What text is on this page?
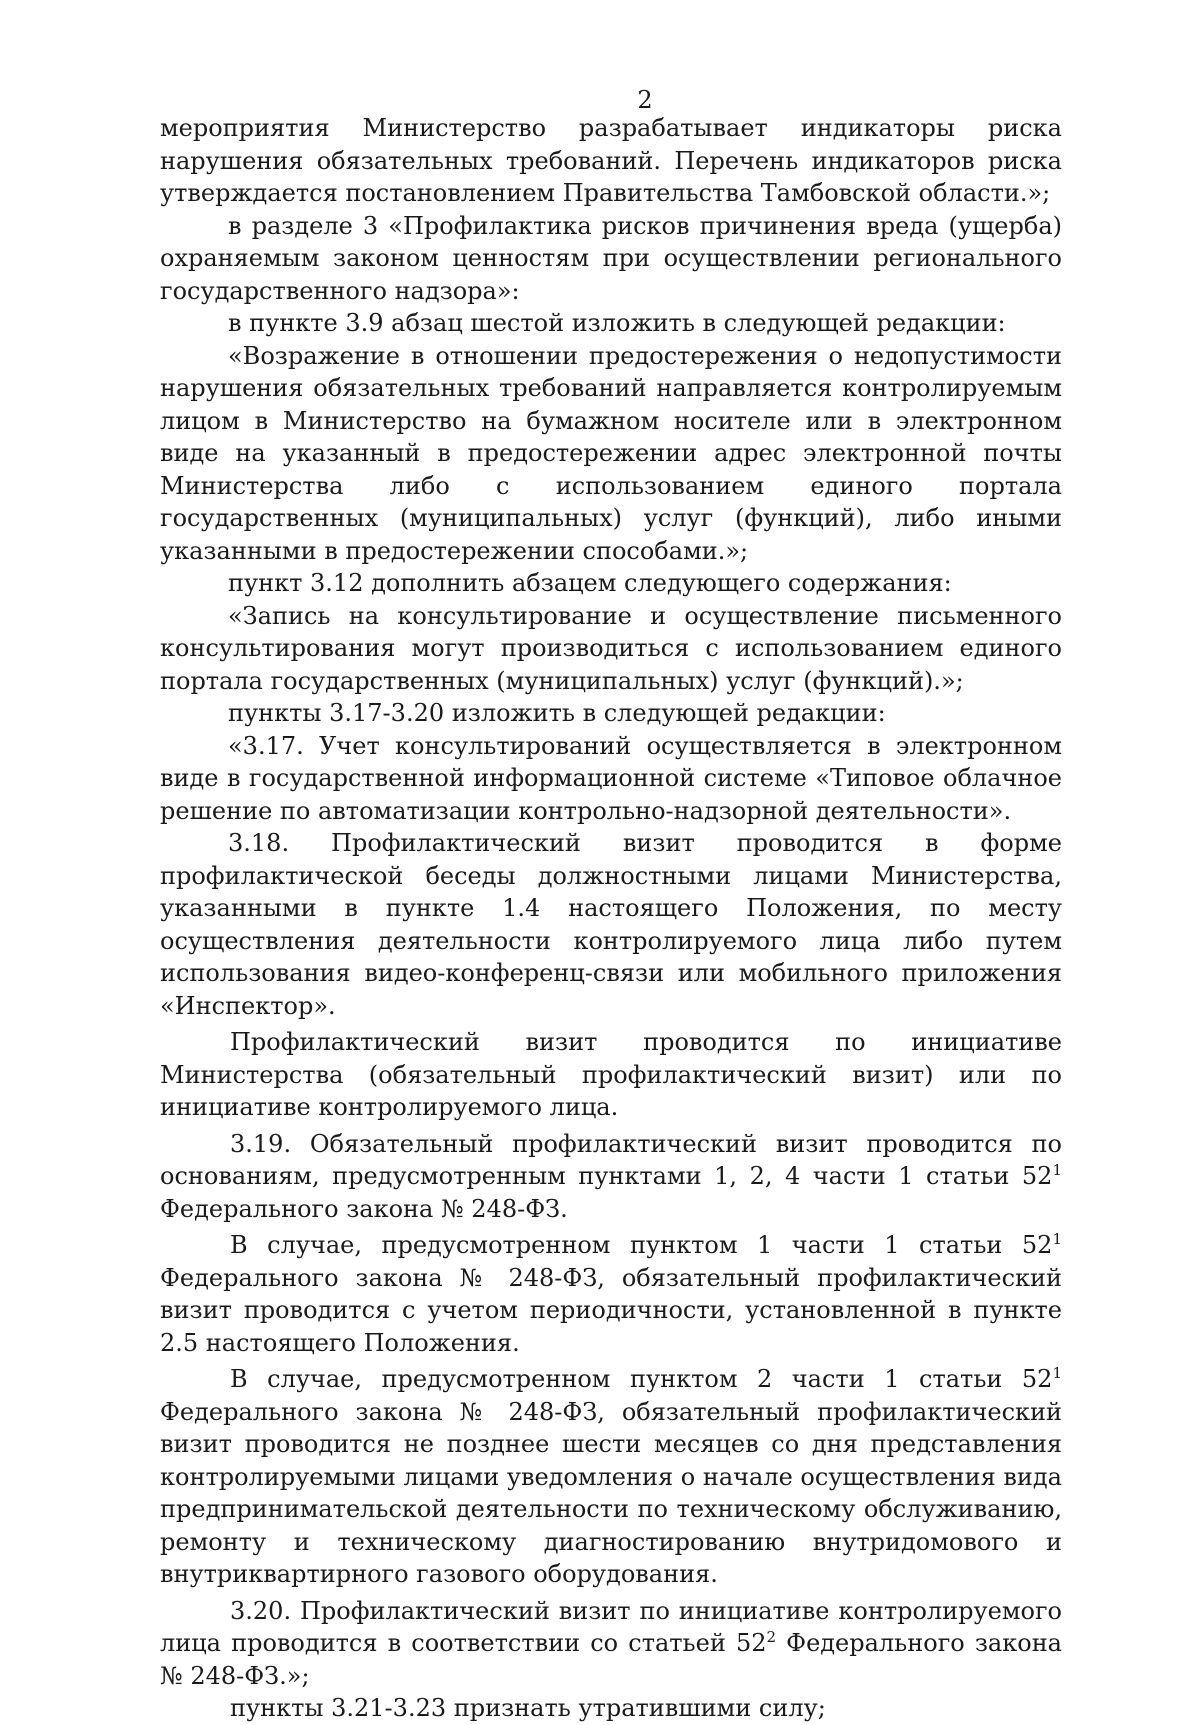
2

мероприятия Министерство разрабатывает индикаторы риска нарушения обязательных требований. Перечень индикаторов риска утверждается постановлением Правительства Тамбовской области.»;

в разделе 3 «Профилактика рисков причинения вреда (ущерба) охраняемым законом ценностям при осуществлении регионального государственного надзора»:

в пункте 3.9 абзац шестой изложить в следующей редакции:

«Возражение в отношении предостережения о недопустимости нарушения обязательных требований направляется контролируемым лицом в Министерство на бумажном носителе или в электронном виде на указанный в предостережении адрес электронной почты Министерства либо с использованием единого портала государственных (муниципальных) услуг (функций), либо иными указанными в предостережении способами.»;

пункт 3.12 дополнить абзацем следующего содержания:

«Запись на консультирование и осуществление письменного консультирования могут производиться с использованием единого портала государственных (муниципальных) услуг (функций).»;

пункты 3.17-3.20 изложить в следующей редакции:

«3.17. Учет консультирований осуществляется в электронном виде в государственной информационной системе «Типовое облачное решение по автоматизации контрольно-надзорной деятельности».

3.18. Профилактический визит проводится в форме профилактической беседы должностными лицами Министерства, указанными в пункте 1.4 настоящего Положения, по месту осуществления деятельности контролируемого лица либо путем использования видео-конференц-связи или мобильного приложения «Инспектор».

Профилактический визит проводится по инициативе Министерства (обязательный профилактический визит) или по инициативе контролируемого лица.

3.19. Обязательный профилактический визит проводится по основаниям, предусмотренным пунктами 1, 2, 4 части 1 статьи $52^1$ Федерального закона № 248-ФЗ.

В случае, предусмотренном пунктом 1 части 1 статьи $52^1$ Федерального закона № 248-ФЗ, обязательный профилактический визит проводится с учетом периодичности, установленной в пункте 2.5 настоящего Положения.

В случае, предусмотренном пунктом 2 части 1 статьи $52^1$ Федерального закона № 248-ФЗ, обязательный профилактический визит проводится не позднее шести месяцев со дня представления контролируемыми лицами уведомления о начале осуществления вида предпринимательской деятельности по техническому обслуживанию, ремонту и техническому диагностированию внутридомового и внутриквартирного газового оборудования.

3.20. Профилактический визит по инициативе контролируемого лица проводится в соответствии со статьей $52^2$ Федерального закона № 248-ФЗ.»;

пункты 3.21-3.23 признать утратившими силу;
